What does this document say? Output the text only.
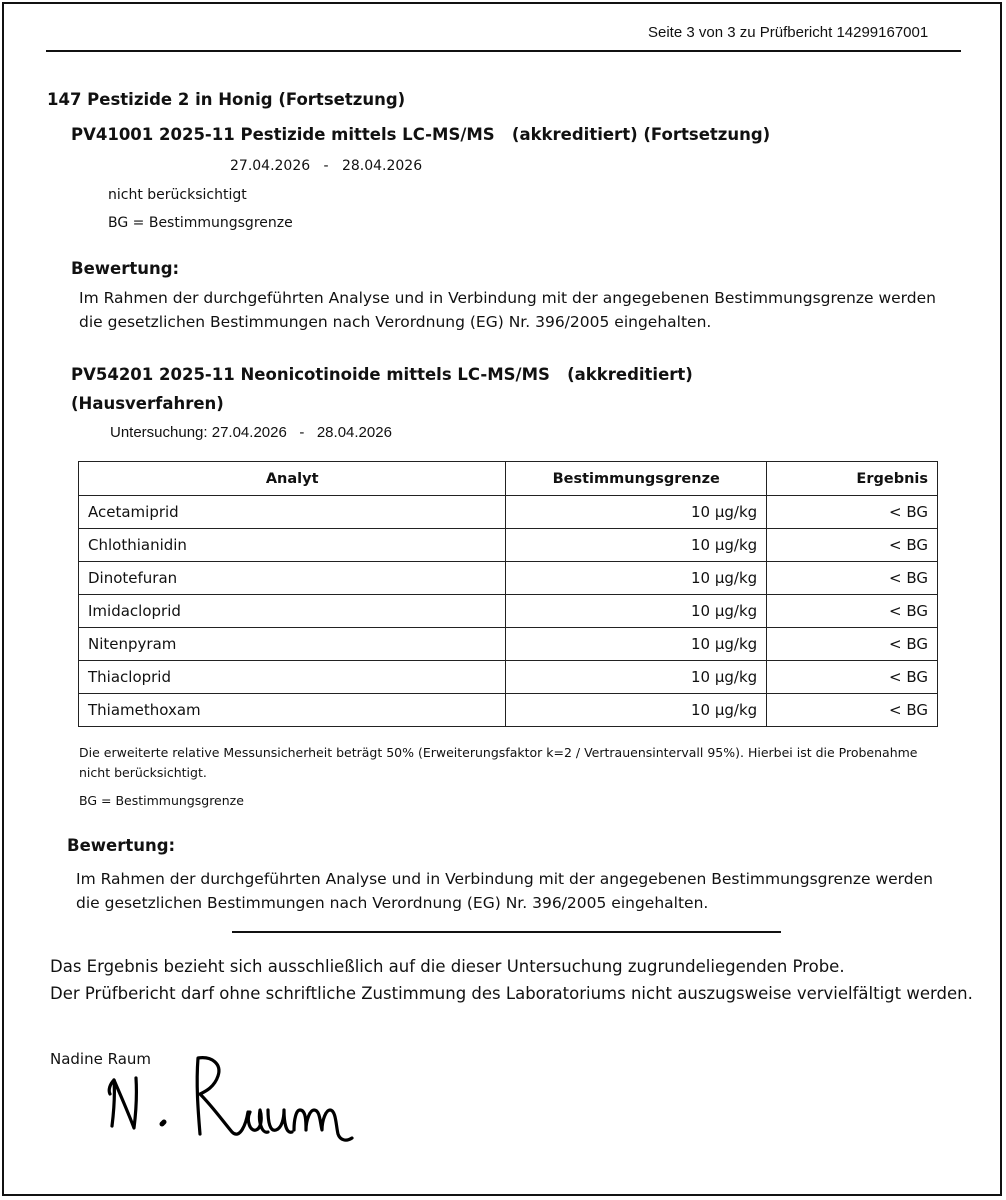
Seite 3 von 3 zu Prüfbericht 14299167001
147 Pestizide 2 in Honig (Fortsetzung)
PV41001 2025-11 Pestizide mittels LC-MS/MS (akkreditiert) (Fortsetzung)
27.04.2026 - 28.04.2026
nicht berücksichtigt
BG = Bestimmungsgrenze
Bewertung:
Im Rahmen der durchgeführten Analyse und in Verbindung mit der angegebenen Bestimmungsgrenze werden die gesetzlichen Bestimmungen nach Verordnung (EG) Nr. 396/2005 eingehalten.
PV54201 2025-11 Neonicotinoide mittels LC-MS/MS (akkreditiert)
(Hausverfahren)
Untersuchung: 27.04.2026 - 28.04.2026
Analyt	Bestimmungsgrenze	Ergebnis
Acetamiprid	10 µg/kg	< BG
Chlothianidin	10 µg/kg	< BG
Dinotefuran	10 µg/kg	< BG
Imidacloprid	10 µg/kg	< BG
Nitenpyram	10 µg/kg	< BG
Thiacloprid	10 µg/kg	< BG
Thiamethoxam	10 µg/kg	< BG
Die erweiterte relative Messunsicherheit beträgt 50% (Erweiterungsfaktor k=2 / Vertrauensintervall 95%). Hierbei ist die Probenahme
nicht berücksichtigt.
BG = Bestimmungsgrenze
Bewertung:
Im Rahmen der durchgeführten Analyse und in Verbindung mit der angegebenen Bestimmungsgrenze werden die gesetzlichen Bestimmungen nach Verordnung (EG) Nr. 396/2005 eingehalten.
Das Ergebnis bezieht sich ausschließlich auf die dieser Untersuchung zugrundeliegenden Probe.
Der Prüfbericht darf ohne schriftliche Zustimmung des Laboratoriums nicht auszugsweise vervielfältigt werden.
Nadine Raum
